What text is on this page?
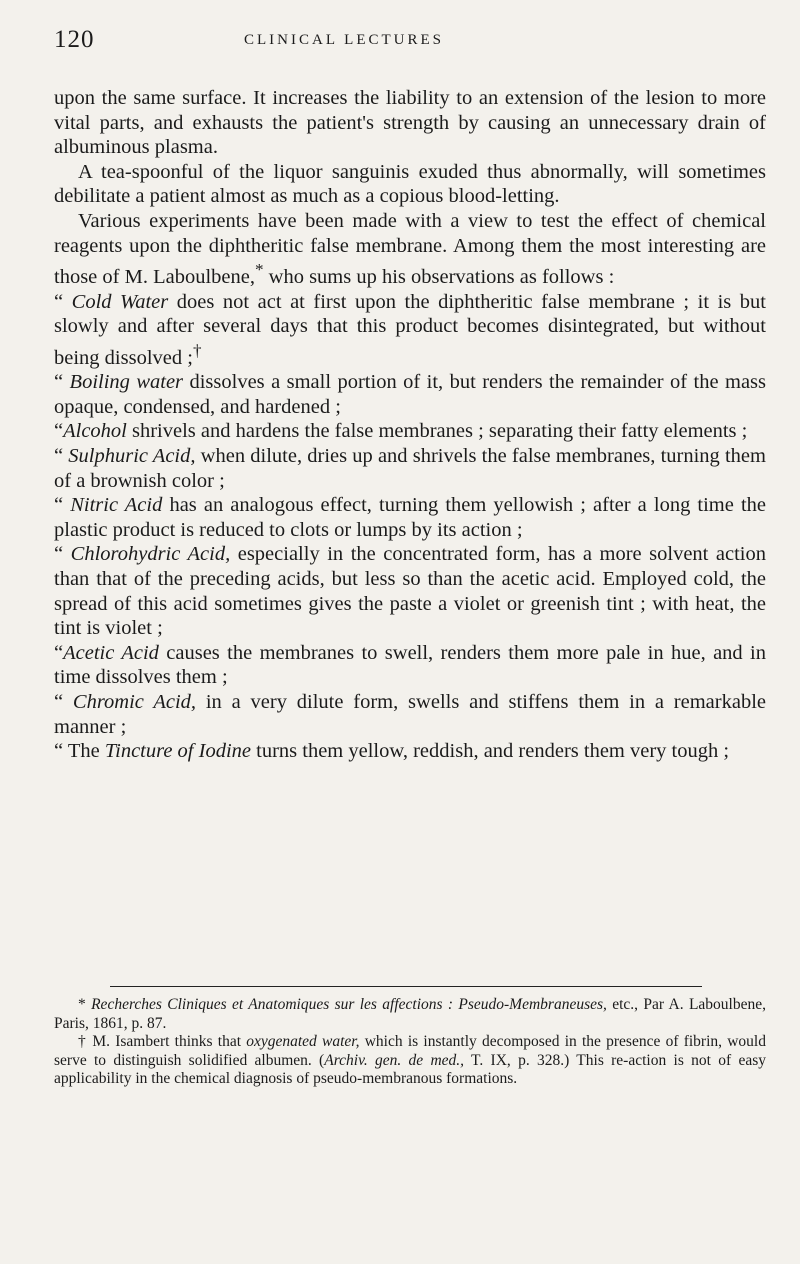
120	CLINICAL LECTURES

upon the same surface. It increases the liability to an extension of the lesion to more vital parts, and exhausts the patient's strength by causing an unnecessary drain of albuminous plasma.

A tea-spoonful of the liquor sanguinis exuded thus abnormally, will sometimes debilitate a patient almost as much as a copious blood-letting.

Various experiments have been made with a view to test the effect of chemical reagents upon the diphtheritic false membrane. Among them the most interesting are those of M. Laboulbene,* who sums up his observations as follows :

“ Cold Water does not act at first upon the diphtheritic false membrane ; it is but slowly and after several days that this product becomes disintegrated, but without being dissolved ;†

“ Boiling water dissolves a small portion of it, but renders the remainder of the mass opaque, condensed, and hardened ;

“Alcohol shrivels and hardens the false membranes ; separating their fatty elements ;

“ Sulphuric Acid, when dilute, dries up and shrivels the false membranes, turning them of a brownish color ;

“ Nitric Acid has an analogous effect, turning them yellowish ; after a long time the plastic product is reduced to clots or lumps by its action ;

“ Chlorohydric Acid, especially in the concentrated form, has a more solvent action than that of the preceding acids, but less so than the acetic acid. Employed cold, the spread of this acid sometimes gives the paste a violet or greenish tint ; with heat, the tint is violet ;

“Acetic Acid causes the membranes to swell, renders them more pale in hue, and in time dissolves them ;

“ Chromic Acid, in a very dilute form, swells and stiffens them in a remarkable manner ;

“ The Tincture of Iodine turns them yellow, reddish, and renders them very tough ;

* Recherches Cliniques et Anatomiques sur les affections : Pseudo-Membraneuses, etc., Par A. Laboulbene, Paris, 1861, p. 87.

† M. Isambert thinks that oxygenated water, which is instantly decomposed in the presence of fibrin, would serve to distinguish solidified albumen. (Archiv. gen. de med., T. IX, p. 328.) This re-action is not of easy applicability in the chemical diagnosis of pseudo-membranous formations.
